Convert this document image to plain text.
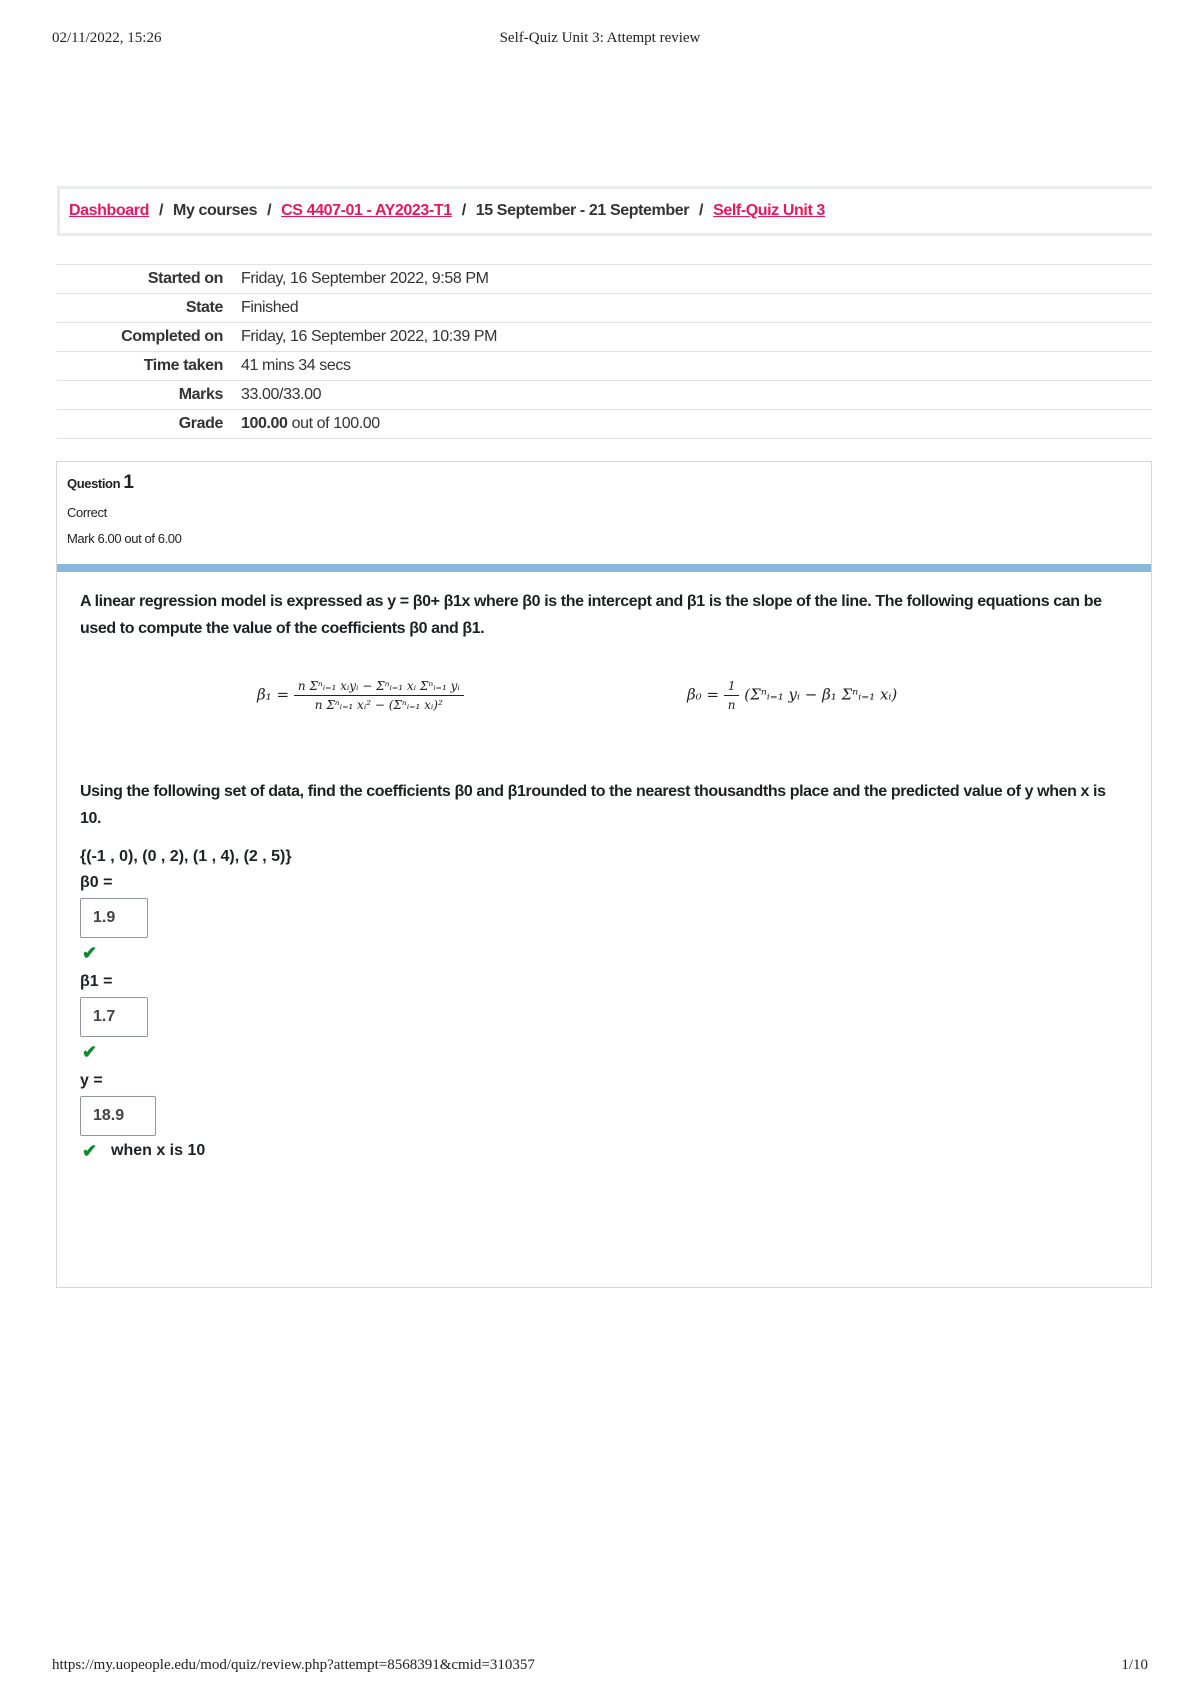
02/11/2022, 15:26	Self-Quiz Unit 3: Attempt review
Dashboard / My courses / CS 4407-01 - AY2023-T1 / 15 September - 21 September / Self-Quiz Unit 3
Started on	Friday, 16 September 2022, 9:58 PM
State	Finished
Completed on	Friday, 16 September 2022, 10:39 PM
Time taken	41 mins 34 secs
Marks	33.00/33.00
Grade	100.00 out of 100.00
Question 1
Correct
Mark 6.00 out of 6.00
A linear regression model is expressed as y = β0+ β1x where β0 is the intercept and β1 is the slope of the line. The following equations can be used to compute the value of the coefficients β0 and β1.
$\beta_1 = \frac{\text{n Σⁿᵢ₌₁ xᵢyᵢ − Σⁿᵢ₌₁ xᵢ Σⁿᵢ₌₁ yᵢ}}{\text{n Σⁿᵢ₌₁ xᵢ² − (Σⁿᵢ₌₁ xᵢ)²}}$	$\beta_0 = \frac{1}{n}$ (Σⁿᵢ₌₁ yᵢ − β₁ Σⁿᵢ₌₁ xᵢ)
Using the following set of data, find the coefficients β0 and β1rounded to the nearest thousandths place and the predicted value of y when x is 10.
{(-1 , 0), (0 , 2), (1 , 4), (2 , 5)}
β0 =
1.9
✔
β1 =
1.7
✔
y =
18.9
✔ when x is 10
https://my.uopeople.edu/mod/quiz/review.php?attempt=8568391&cmid=310357	1/10
